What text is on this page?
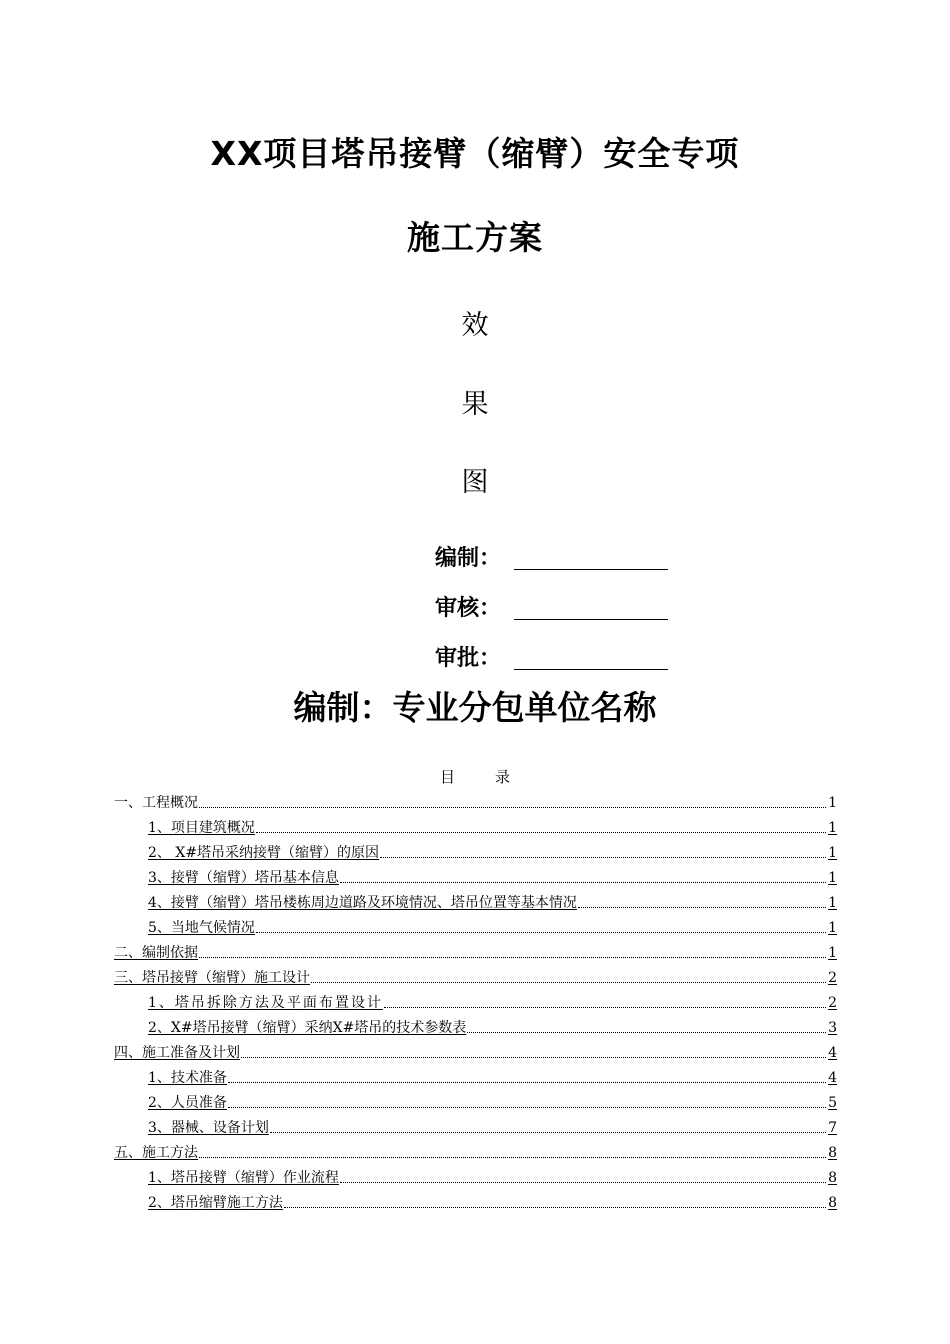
XX项目塔吊接臂（缩臂）安全专项
施工方案
效
果
图
编制：
审核：
审批：
编制：专业分包单位名称
目	录
一、工程概况	1
1、项目建筑概况	1
2、 X#塔吊采纳接臂（缩臂）的原因	1
3、接臂（缩臂）塔吊基本信息	1
4、接臂（缩臂）塔吊楼栋周边道路及环境情况、塔吊位置等基本情况	1
5、当地气候情况	1
二、编制依据	1
三、塔吊接臂（缩臂）施工设计	2
1、塔吊拆除方法及平面布置设计	2
2、X#塔吊接臂（缩臂）采纳X#塔吊的技术参数表	3
四、施工准备及计划	4
1、技术准备	4
2、人员准备	5
3、器械、设备计划	7
五、施工方法	8
1、塔吊接臂（缩臂）作业流程	8
2、塔吊缩臂施工方法	8
